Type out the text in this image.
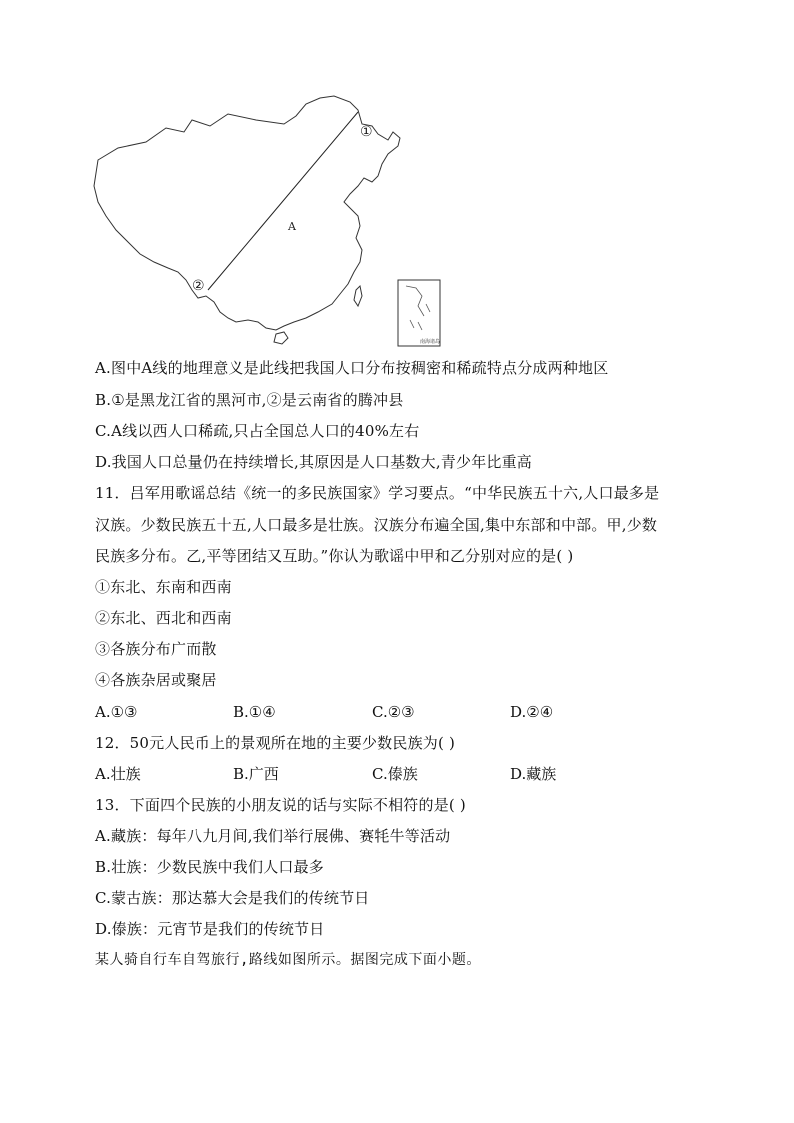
A
①
②
南海诸岛
A.图中A线的地理意义是此线把我国人口分布按稠密和稀疏特点分成两种地区
B.①是黑龙江省的黑河市,②是云南省的腾冲县
C.A线以西人口稀疏,只占全国总人口的40%左右
D.我国人口总量仍在持续增长,其原因是人口基数大,青少年比重高
11．吕军用歌谣总结《统一的多民族国家》学习要点。“中华民族五十六,人口最多是
汉族。少数民族五十五,人口最多是壮族。汉族分布遍全国,集中东部和中部。甲,少数
民族多分布。乙,平等团结又互助。”你认为歌谣中甲和乙分别对应的是( )
①东北、东南和西南
②东北、西北和西南
③各族分布广而散
④各族杂居或聚居
A.①③	B.①④	C.②③	D.②④
12．50元人民币上的景观所在地的主要少数民族为( )
A.壮族	B.广西	C.傣族	D.藏族
13．下面四个民族的小朋友说的话与实际不相符的是( )
A.藏族：每年八九月间,我们举行展佛、赛牦牛等活动
B.壮族：少数民族中我们人口最多
C.蒙古族：那达慕大会是我们的传统节日
D.傣族：元宵节是我们的传统节日
某人骑自行车自驾旅行,路线如图所示。据图完成下面小题。
